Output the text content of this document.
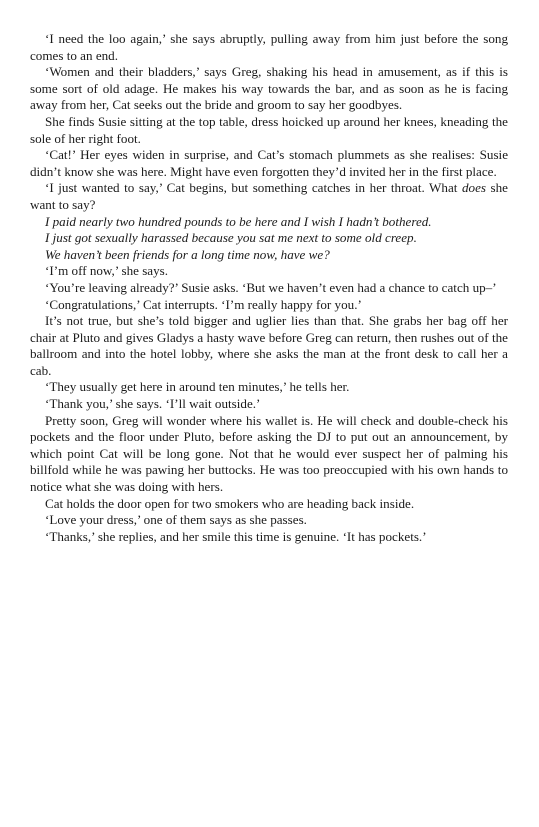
‘I need the loo again,’ she says abruptly, pulling away from him just before the song comes to an end.

‘Women and their bladders,’ says Greg, shaking his head in amusement, as if this is some sort of old adage. He makes his way towards the bar, and as soon as he is facing away from her, Cat seeks out the bride and groom to say her goodbyes.

She finds Susie sitting at the top table, dress hoicked up around her knees, kneading the sole of her right foot.

‘Cat!’ Her eyes widen in surprise, and Cat’s stomach plummets as she realises: Susie didn’t know she was here. Might have even forgotten they’d invited her in the first place.

‘I just wanted to say,’ Cat begins, but something catches in her throat. What does she want to say?

I paid nearly two hundred pounds to be here and I wish I hadn’t bothered.

I just got sexually harassed because you sat me next to some old creep.

We haven’t been friends for a long time now, have we?

‘I’m off now,’ she says.

‘You’re leaving already?’ Susie asks. ‘But we haven’t even had a chance to catch up–’

‘Congratulations,’ Cat interrupts. ‘I’m really happy for you.’

It’s not true, but she’s told bigger and uglier lies than that. She grabs her bag off her chair at Pluto and gives Gladys a hasty wave before Greg can return, then rushes out of the ballroom and into the hotel lobby, where she asks the man at the front desk to call her a cab.

‘They usually get here in around ten minutes,’ he tells her.

‘Thank you,’ she says. ‘I’ll wait outside.’

Pretty soon, Greg will wonder where his wallet is. He will check and double-check his pockets and the floor under Pluto, before asking the DJ to put out an announcement, by which point Cat will be long gone. Not that he would ever suspect her of palming his billfold while he was pawing her buttocks. He was too preoccupied with his own hands to notice what she was doing with hers.

Cat holds the door open for two smokers who are heading back inside.

‘Love your dress,’ one of them says as she passes.

‘Thanks,’ she replies, and her smile this time is genuine. ‘It has pockets.’
